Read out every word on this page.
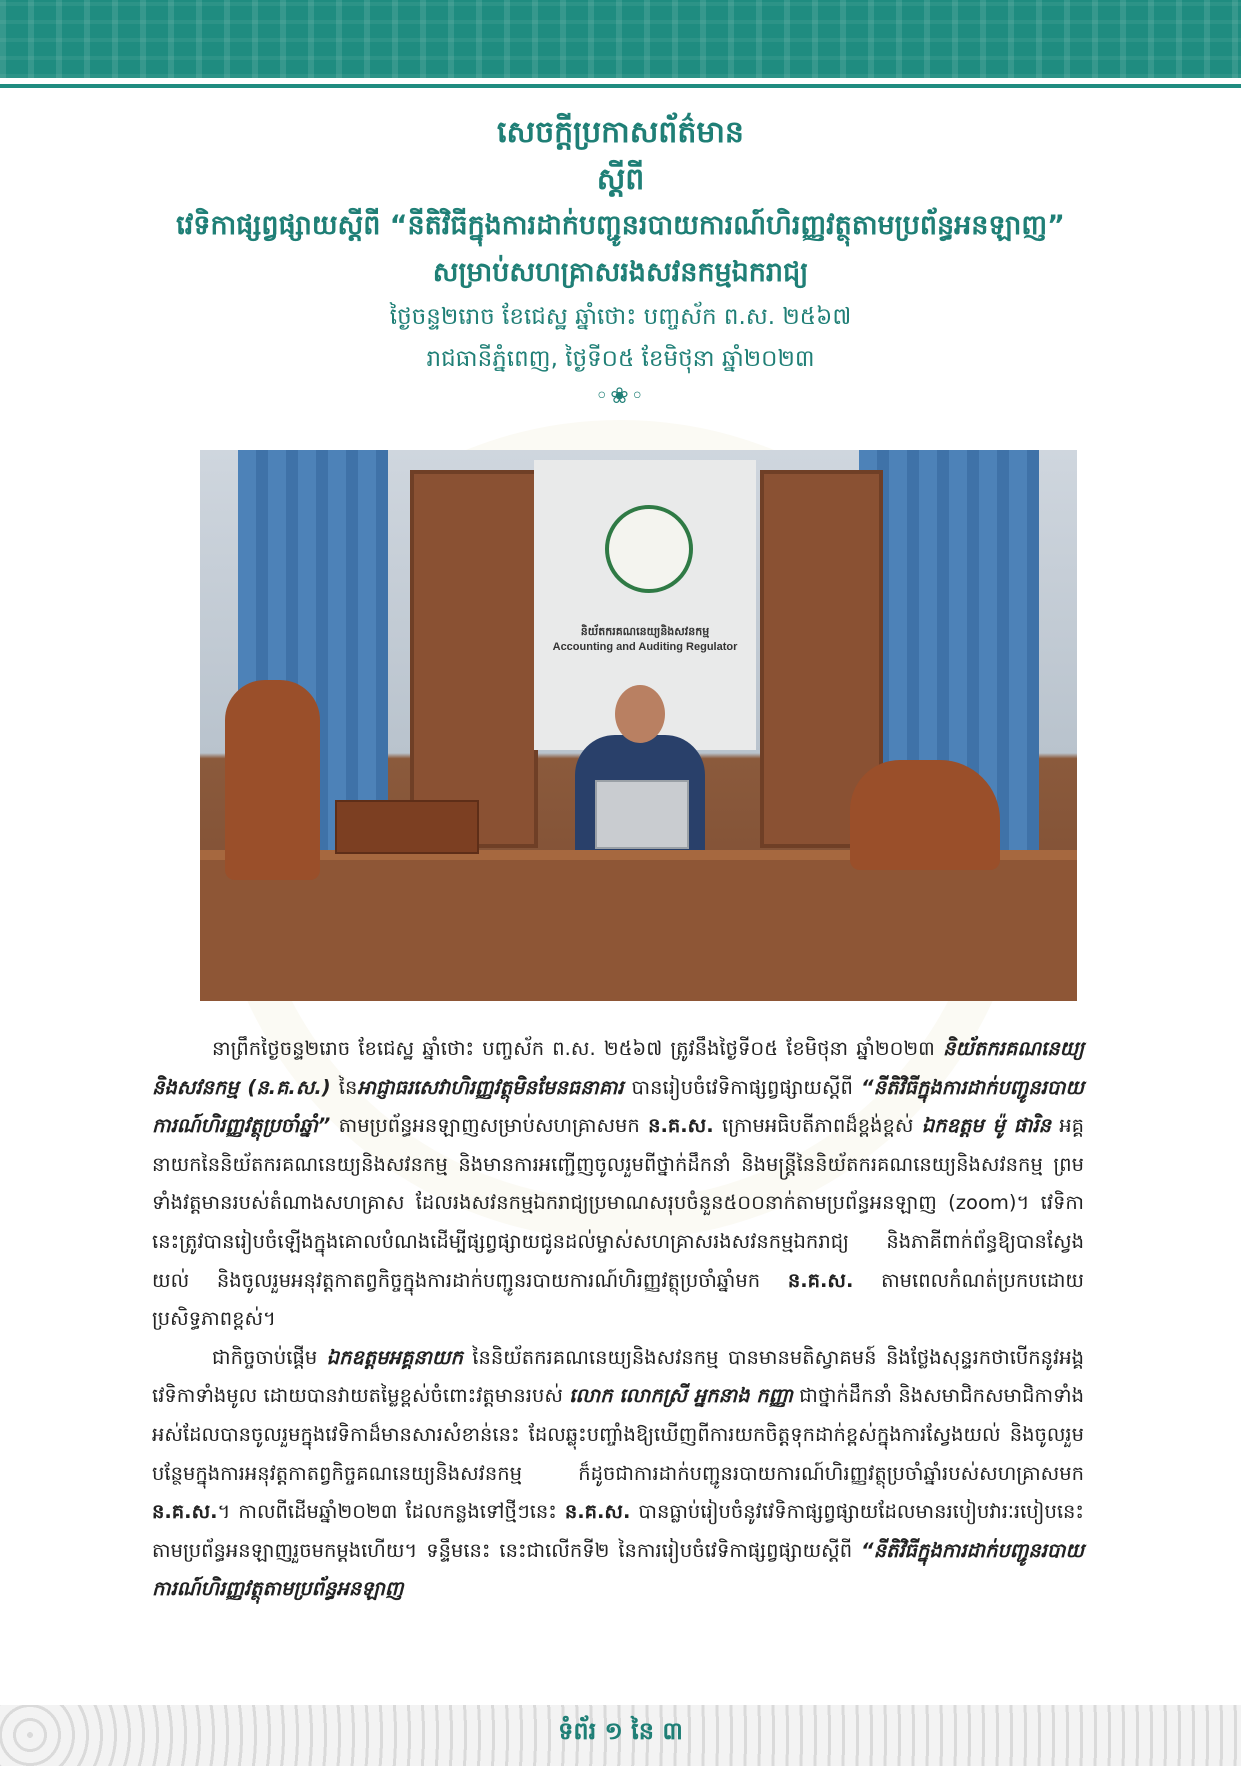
សេចក្តីប្រកាសព័ត៌មាន

ស្តីពី

វេទិកាផ្សព្វផ្សាយស្តីពី “នីតិវិធីក្នុងការដាក់បញ្ជូនរបាយការណ៍ហិរញ្ញវត្ថុតាមប្រព័ន្ធអនឡាញ”

សម្រាប់សហគ្រាសរងសវនកម្មឯករាជ្យ

ថ្ងៃចន្ទ២រោច ខែជេស្ឋ ឆ្នាំថោះ បញ្ចស័ក ព.ស. ២៥៦៧

រាជធានីភ្នំពេញ, ថ្ងៃទី០៥ ខែមិថុនា ឆ្នាំ២០២៣

◦❀◦
និយ័តករគណនេយ្យនិងសវនកម្ម
Accounting and Auditing Regulator

នាព្រឹកថ្ងៃចន្ទ២រោច ខែជេស្ឋ ឆ្នាំថោះ បញ្ចស័ក ព.ស. ២៥៦៧ ត្រូវនឹងថ្ងៃទី០៥ ខែមិថុនា ឆ្នាំ២០២៣ និយ័តករគណនេយ្យនិងសវនកម្ម (ន.គ.ស.) នៃអាជ្ញាធរសេវាហិរញ្ញវត្ថុមិនមែនធនាគារ បានរៀបចំវេទិកាផ្សព្វផ្សាយស្តីពី “នីតិវិធីក្នុងការដាក់បញ្ជូនរបាយការណ៍ហិរញ្ញវត្ថុប្រចាំឆ្នាំ” តាមប្រព័ន្ធអនឡាញសម្រាប់សហគ្រាសមក ន.គ.ស. ក្រោមអធិបតីភាពដ៏ខ្ពង់ខ្ពស់ ឯកឧត្តម ម៉ូ ផារិន អគ្គនាយកនៃនិយ័តករគណនេយ្យនិងសវនកម្ម និងមានការអញ្ជើញចូលរួមពីថ្នាក់ដឹកនាំ និងមន្ត្រីនៃនិយ័តករគណនេយ្យនិងសវនកម្ម ព្រមទាំងវត្តមានរបស់តំណាងសហគ្រាស ដែលរងសវនកម្មឯករាជ្យប្រមាណសរុបចំនួន៥០០នាក់តាមប្រព័ន្ធអនឡាញ (zoom)។ វេទិកានេះត្រូវបានរៀបចំឡើងក្នុងគោលបំណងដើម្បីផ្សព្វផ្សាយជូនដល់ម្ចាស់សហគ្រាសរងសវនកម្មឯករាជ្យ និងភាគីពាក់ព័ន្ធឱ្យបានស្វែងយល់ និងចូលរួមអនុវត្តកាតព្វកិច្ចក្នុងការដាក់បញ្ជូនរបាយការណ៍ហិរញ្ញវត្ថុប្រចាំឆ្នាំមក ន.គ.ស. តាមពេលកំណត់ប្រកបដោយប្រសិទ្ធភាពខ្ពស់។

ជាកិច្ចចាប់ផ្តើម ឯកឧត្តមអគ្គនាយក នៃនិយ័តករគណនេយ្យនិងសវនកម្ម បានមានមតិស្វាគមន៍ និងថ្លែងសុន្ទរកថាបើកនូវអង្គវេទិកាទាំងមូល ដោយបានវាយតម្លៃខ្ពស់ចំពោះវត្តមានរបស់ លោក លោកស្រី អ្នកនាង កញ្ញា ជាថ្នាក់ដឹកនាំ និងសមាជិកសមាជិកាទាំងអស់ដែលបានចូលរួមក្នុងវេទិកាដ៏មានសារសំខាន់នេះ ដែលឆ្លុះបញ្ចាំងឱ្យឃើញពីការយកចិត្តទុកដាក់ខ្ពស់ក្នុងការស្វែងយល់ និងចូលរួមបន្ថែមក្នុងការអនុវត្តកាតព្វកិច្ចគណនេយ្យនិងសវនកម្ម ក៏ដូចជាការដាក់បញ្ជូនរបាយការណ៍ហិរញ្ញវត្ថុប្រចាំឆ្នាំរបស់សហគ្រាសមក ន.គ.ស.។ កាលពីដើមឆ្នាំ២០២៣ ដែលកន្លងទៅថ្មីៗនេះ ន.គ.ស. បានធ្លាប់រៀបចំនូវវេទិកាផ្សព្វផ្សាយដែលមានរបៀបវារៈរបៀបនេះតាមប្រព័ន្ធអនឡាញរួចមកម្តងហើយ។ ទន្ទឹមនេះ នេះជាលើកទី២ នៃការរៀបចំវេទិកាផ្សព្វផ្សាយស្តីពី “នីតិវិធីក្នុងការដាក់បញ្ជូនរបាយការណ៍ហិរញ្ញវត្ថុតាមប្រព័ន្ធអនឡាញ

ទំព័រ ១ នៃ ៣
